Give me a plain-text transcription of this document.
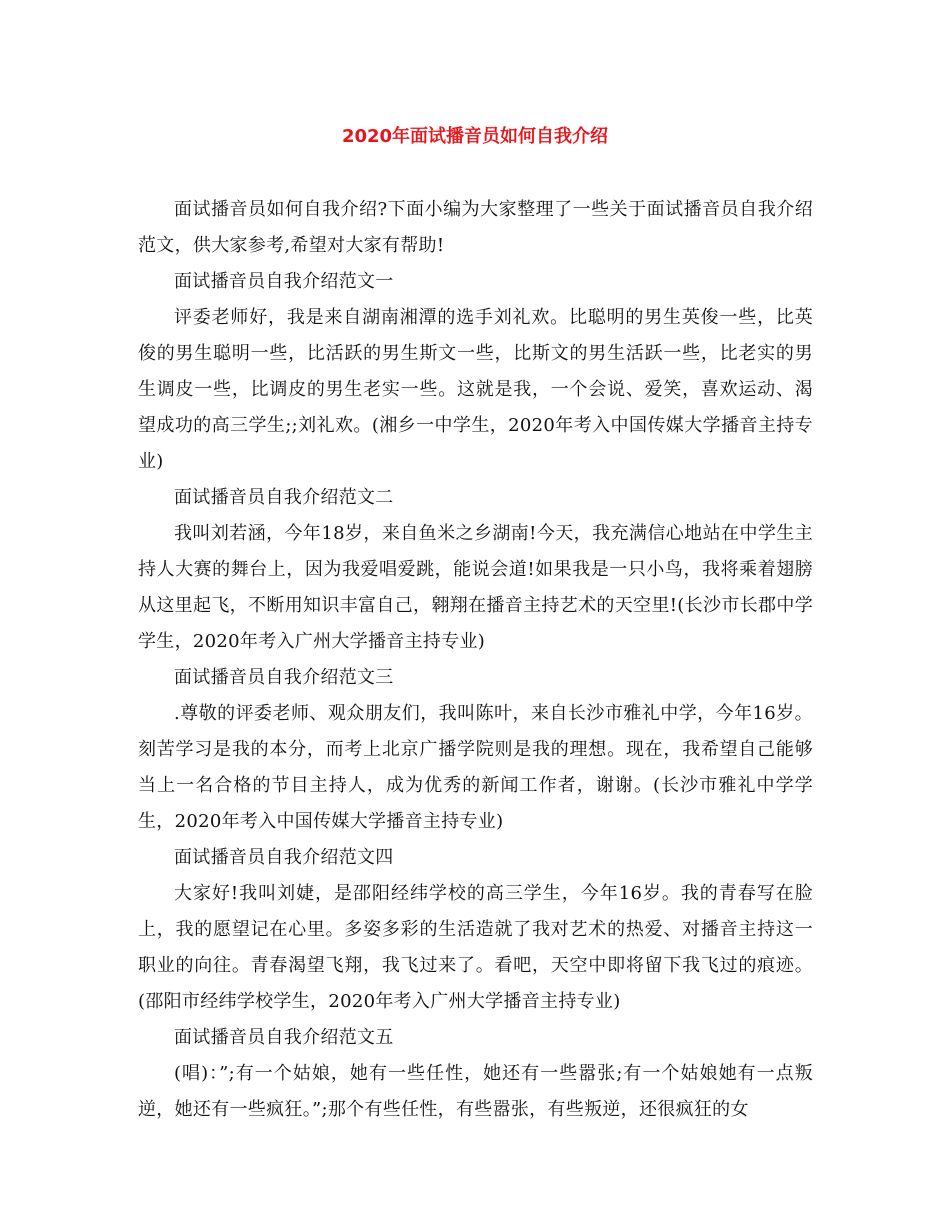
2020年面试播音员如何自我介绍

面试播音员如何自我介绍?下面小编为大家整理了一些关于面试播音员自我介绍范文，供大家参考,希望对大家有帮助!

面试播音员自我介绍范文一

评委老师好，我是来自湖南湘潭的选手刘礼欢。比聪明的男生英俊一些，比英俊的男生聪明一些，比活跃的男生斯文一些，比斯文的男生活跃一些，比老实的男生调皮一些，比调皮的男生老实一些。这就是我，一个会说、爱笑，喜欢运动、渴望成功的高三学生;;刘礼欢。(湘乡一中学生，2020年考入中国传媒大学播音主持专业)

面试播音员自我介绍范文二

我叫刘若涵，今年18岁，来自鱼米之乡湖南!今天，我充满信心地站在中学生主持人大赛的舞台上，因为我爱唱爱跳，能说会道!如果我是一只小鸟，我将乘着翅膀从这里起飞，不断用知识丰富自己，翱翔在播音主持艺术的天空里!(长沙市长郡中学学生，2020年考入广州大学播音主持专业)

面试播音员自我介绍范文三

.尊敬的评委老师、观众朋友们，我叫陈叶，来自长沙市雅礼中学，今年16岁。刻苦学习是我的本分，而考上北京广播学院则是我的理想。现在，我希望自己能够当上一名合格的节目主持人，成为优秀的新闻工作者，谢谢。(长沙市雅礼中学学生，2020年考入中国传媒大学播音主持专业)

面试播音员自我介绍范文四

大家好!我叫刘婕，是邵阳经纬学校的高三学生，今年16岁。我的青春写在脸上，我的愿望记在心里。多姿多彩的生活造就了我对艺术的热爱、对播音主持这一职业的向往。青春渴望飞翔，我飞过来了。看吧，天空中即将留下我飞过的痕迹。(邵阳市经纬学校学生，2020年考入广州大学播音主持专业)

面试播音员自我介绍范文五

(唱)：”;有一个姑娘，她有一些任性，她还有一些嚣张;有一个姑娘她有一点叛逆，她还有一些疯狂。”;那个有些任性，有些嚣张，有些叛逆，还很疯狂的女
